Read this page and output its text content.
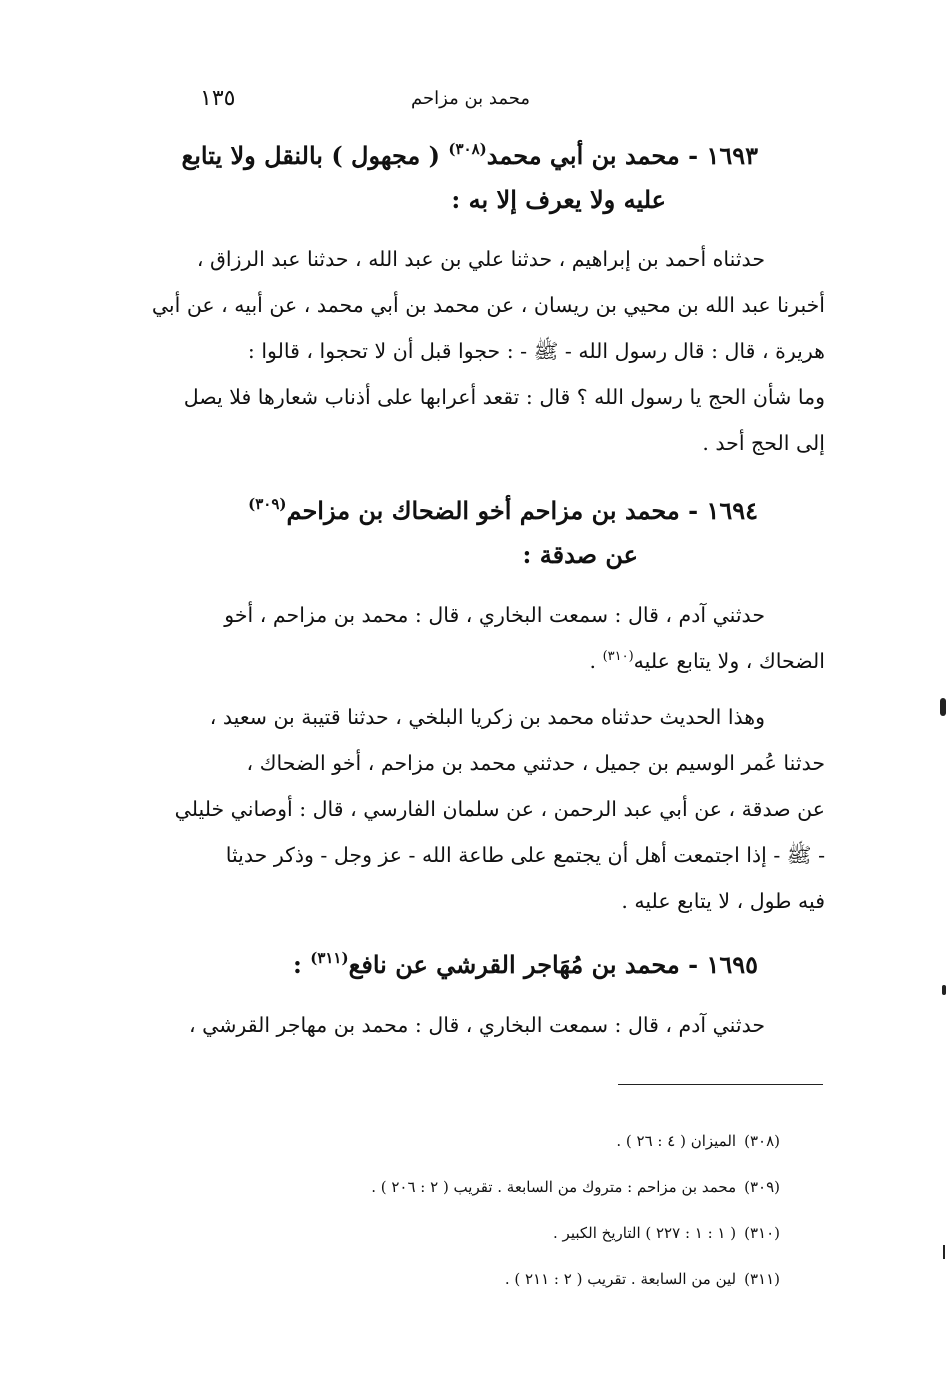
محمد بن مزاحم
١٣٥
١٦٩٣ - محمد بن أبي محمد$^{(٣٠٨)}$ ( مجهول ) بالنقل ولا يتابع
عليه ولا يعرف إلا به :
حدثناه أحمد بن إبراهيم ، حدثنا علي بن عبد الله ، حدثنا عبد الرزاق ،
أخبرنا عبد الله بن محيي بن ريسان ، عن محمد بن أبي محمد ، عن أبيه ، عن أبي
هريرة ، قال : قال رسول الله - ﷺ - : حجوا قبل أن لا تحجوا ، قالوا :
وما شأن الحج يا رسول الله ؟ قال : تقعد أعرابها على أذناب شعارها فلا يصل
إلى الحج أحد .
١٦٩٤ - محمد بن مزاحم أخو الضحاك بن مزاحم$^{(٣٠٩)}$
عن صدقة :
حدثني آدم ، قال : سمعت البخاري ، قال : محمد بن مزاحم ، أخو
الضحاك ، ولا يتابع عليه$^{(٣١٠)}$ .
وهذا الحديث حدثناه محمد بن زكريا البلخي ، حدثنا قتيبة بن سعيد ،
حدثنا عُمر الوسيم بن جميل ، حدثني محمد بن مزاحم ، أخو الضحاك ،
عن صدقة ، عن أبي عبد الرحمن ، عن سلمان الفارسي ، قال : أوصاني خليلي
- ﷺ - إذا اجتمعت أهل أن يجتمع على طاعة الله - عز وجل - وذكر حديثا
فيه طول ، لا يتابع عليه .
١٦٩٥ - محمد بن مُهَاجر القرشي عن نافع$^{(٣١١)}$ :
حدثني آدم ، قال : سمعت البخاري ، قال : محمد بن مهاجر القرشي ،
(٣٠٨)الميزان ( ٤ : ٢٦ ) .
(٣٠٩)محمد بن مزاحم : متروك من السابعة . تقريب ( ٢ : ٢٠٦ ) .
(٣١٠)( ١ : ١ : ٢٢٧ ) التاريخ الكبير .
(٣١١)لين من السابعة . تقريب ( ٢ : ٢١١ ) .
